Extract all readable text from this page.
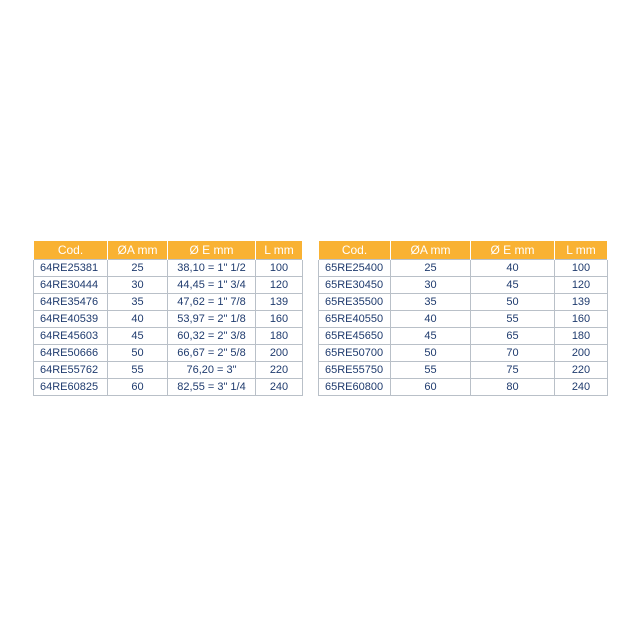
Cod.	ØA mm	Ø E mm	L mm
64RE25381	25	38,10 = 1" 1/2	100
64RE30444	30	44,45 = 1" 3/4	120
64RE35476	35	47,62 = 1" 7/8	139
64RE40539	40	53,97 = 2" 1/8	160
64RE45603	45	60,32 = 2" 3/8	180
64RE50666	50	66,67 = 2" 5/8	200
64RE55762	55	76,20 = 3"	220
64RE60825	60	82,55 = 3" 1/4	240
Cod.	ØA mm	Ø E mm	L mm
65RE25400	25	40	100
65RE30450	30	45	120
65RE35500	35	50	139
65RE40550	40	55	160
65RE45650	45	65	180
65RE50700	50	70	200
65RE55750	55	75	220
65RE60800	60	80	240
